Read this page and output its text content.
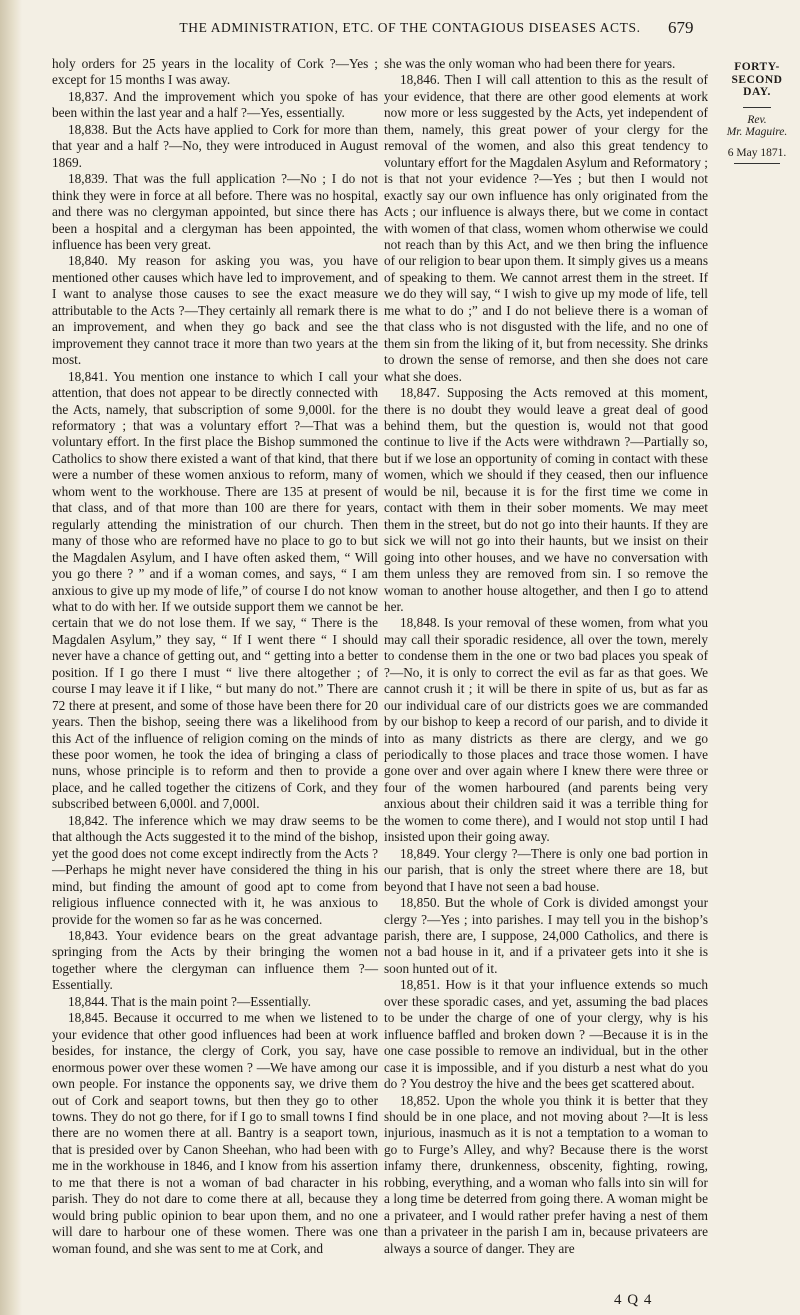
THE ADMINISTRATION, ETC. OF THE CONTAGIOUS DISEASES ACTS.	679

holy orders for 25 years in the locality of Cork ?—Yes ; except for 15 months I was away.

18,837. And the improvement which you spoke of has been within the last year and a half ?—Yes, essentially.

18,838. But the Acts have applied to Cork for more than that year and a half ?—No, they were introduced in August 1869.

18,839. That was the full application ?—No ; I do not think they were in force at all before. There was no hospital, and there was no clergyman appointed, but since there has been a hospital and a clergyman has been appointed, the influence has been very great.

18,840. My reason for asking you was, you have mentioned other causes which have led to improvement, and I want to analyse those causes to see the exact measure attributable to the Acts ?—They certainly all remark there is an improvement, and when they go back and see the improvement they cannot trace it more than two years at the most.

18,841. You mention one instance to which I call your attention, that does not appear to be directly connected with the Acts, namely, that subscription of some 9,000l. for the reformatory ; that was a voluntary effort ?—That was a voluntary effort. In the first place the Bishop summoned the Catholics to show there existed a want of that kind, that there were a number of these women anxious to reform, many of whom went to the workhouse. There are 135 at present of that class, and of that more than 100 are there for years, regularly attending the ministration of our church. Then many of those who are reformed have no place to go to but the Magdalen Asylum, and I have often asked them, “ Will you go there ? ” and if a woman comes, and says, “ I am anxious to give up my mode of life,” of course I do not know what to do with her. If we outside support them we cannot be certain that we do not lose them. If we say, “ There is the Magdalen Asylum,” they say, “ If I went there “ I should never have a chance of getting out, and “ getting into a better position. If I go there I must “ live there altogether ; of course I may leave it if I like, “ but many do not.” There are 72 there at present, and some of those have been there for 20 years. Then the bishop, seeing there was a likelihood from this Act of the influence of religion coming on the minds of these poor women, he took the idea of bringing a class of nuns, whose principle is to reform and then to provide a place, and he called together the citizens of Cork, and they subscribed between 6,000l. and 7,000l.

18,842. The inference which we may draw seems to be that although the Acts suggested it to the mind of the bishop, yet the good does not come except indirectly from the Acts ?—Perhaps he might never have considered the thing in his mind, but finding the amount of good apt to come from religious influence connected with it, he was anxious to provide for the women so far as he was concerned.

18,843. Your evidence bears on the great advantage springing from the Acts by their bringing the women together where the clergyman can influence them ?—Essentially.

18,844. That is the main point ?—Essentially.

18,845. Because it occurred to me when we listened to your evidence that other good influences had been at work besides, for instance, the clergy of Cork, you say, have enormous power over these women ? —We have among our own people. For instance the opponents say, we drive them out of Cork and seaport towns, but then they go to other towns. They do not go there, for if I go to small towns I find there are no women there at all. Bantry is a seaport town, that is presided over by Canon Sheehan, who had been with me in the workhouse in 1846, and I know from his assertion to me that there is not a woman of bad character in his parish. They do not dare to come there at all, because they would bring public opinion to bear upon them, and no one will dare to harbour one of these women. There was one woman found, and she was sent to me at Cork, and

she was the only woman who had been there for years.

18,846. Then I will call attention to this as the result of your evidence, that there are other good elements at work now more or less suggested by the Acts, yet independent of them, namely, this great power of your clergy for the removal of the women, and also this great tendency to voluntary effort for the Magdalen Asylum and Reformatory ; is that not your evidence ?—Yes ; but then I would not exactly say our own influence has only originated from the Acts ; our influence is always there, but we come in contact with women of that class, women whom otherwise we could not reach than by this Act, and we then bring the influence of our religion to bear upon them. It simply gives us a means of speaking to them. We cannot arrest them in the street. If we do they will say, “ I wish to give up my mode of life, tell me what to do ;” and I do not believe there is a woman of that class who is not disgusted with the life, and no one of them sin from the liking of it, but from necessity. She drinks to drown the sense of remorse, and then she does not care what she does.

18,847. Supposing the Acts removed at this moment, there is no doubt they would leave a great deal of good behind them, but the question is, would not that good continue to live if the Acts were withdrawn ?—Partially so, but if we lose an opportunity of coming in contact with these women, which we should if they ceased, then our influence would be nil, because it is for the first time we come in contact with them in their sober moments. We may meet them in the street, but do not go into their haunts. If they are sick we will not go into their haunts, but we insist on their going into other houses, and we have no conversation with them unless they are removed from sin. I so remove the woman to another house altogether, and then I go to attend her.

18,848. Is your removal of these women, from what you may call their sporadic residence, all over the town, merely to condense them in the one or two bad places you speak of ?—No, it is only to correct the evil as far as that goes. We cannot crush it ; it will be there in spite of us, but as far as our individual care of our districts goes we are commanded by our bishop to keep a record of our parish, and to divide it into as many districts as there are clergy, and we go periodically to those places and trace those women. I have gone over and over again where I knew there were three or four of the women harboured (and parents being very anxious about their children said it was a terrible thing for the women to come there), and I would not stop until I had insisted upon their going away.

18,849. Your clergy ?—There is only one bad portion in our parish, that is only the street where there are 18, but beyond that I have not seen a bad house.

18,850. But the whole of Cork is divided amongst your clergy ?—Yes ; into parishes. I may tell you in the bishop’s parish, there are, I suppose, 24,000 Catholics, and there is not a bad house in it, and if a privateer gets into it she is soon hunted out of it.

18,851. How is it that your influence extends so much over these sporadic cases, and yet, assuming the bad places to be under the charge of one of your clergy, why is his influence baffled and broken down ? —Because it is in the one case possible to remove an individual, but in the other case it is impossible, and if you disturb a nest what do you do ? You destroy the hive and the bees get scattered about.

18,852. Upon the whole you think it is better that they should be in one place, and not moving about ?—It is less injurious, inasmuch as it is not a temptation to a woman to go to Furge’s Alley, and why? Because there is the worst infamy there, drunkenness, obscenity, fighting, rowing, robbing, everything, and a woman who falls into sin will for a long time be deterred from going there. A woman might be a privateer, and I would rather prefer having a nest of them than a privateer in the parish I am in, because privateers are always a source of danger. They are

FORTY-
SECOND
DAY.
Rev.
Mr. Maguire.
6 May 1871.
4 Q 4
